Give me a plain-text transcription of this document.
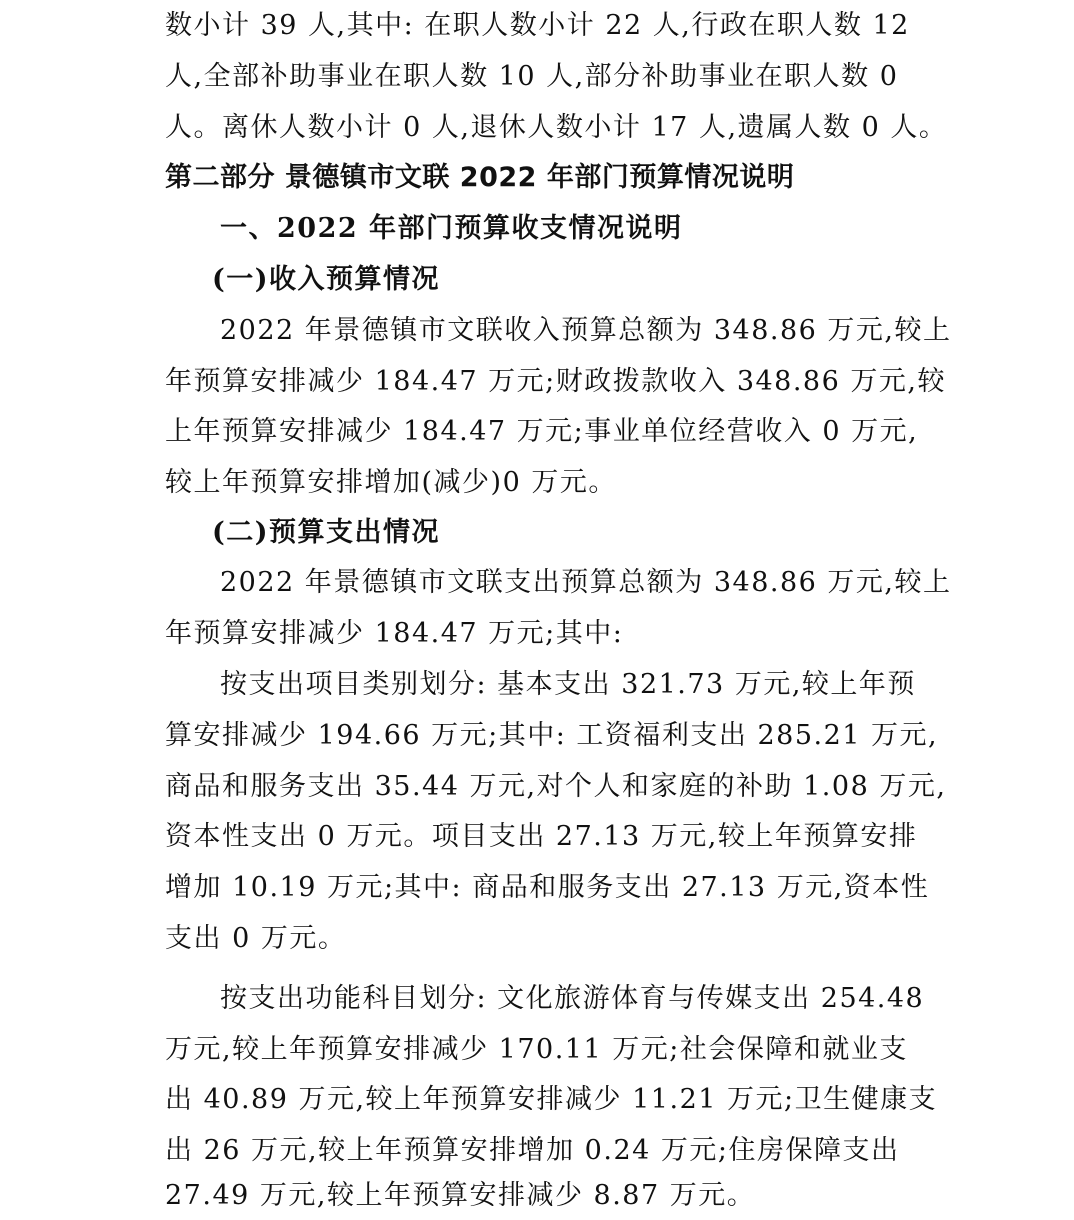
数小计 39 人,其中: 在职人数小计 22 人,行政在职人数 12
人,全部补助事业在职人数 10 人,部分补助事业在职人数 0
人。离休人数小计 0 人,退休人数小计 17 人,遗属人数 0 人。
第二部分 景德镇市文联 2022 年部门预算情况说明
一、2022 年部门预算收支情况说明
(一)收入预算情况
2022 年景德镇市文联收入预算总额为 348.86 万元,较上
年预算安排减少 184.47 万元;财政拨款收入 348.86 万元,较
上年预算安排减少 184.47 万元;事业单位经营收入 0 万元,
较上年预算安排增加(减少)0 万元。
(二)预算支出情况
2022 年景德镇市文联支出预算总额为 348.86 万元,较上
年预算安排减少 184.47 万元;其中:
按支出项目类别划分: 基本支出 321.73 万元,较上年预
算安排减少 194.66 万元;其中: 工资福利支出 285.21 万元,
商品和服务支出 35.44 万元,对个人和家庭的补助 1.08 万元,
资本性支出 0 万元。项目支出 27.13 万元,较上年预算安排
增加 10.19 万元;其中: 商品和服务支出 27.13 万元,资本性
支出 0 万元。
按支出功能科目划分: 文化旅游体育与传媒支出 254.48
万元,较上年预算安排减少 170.11 万元;社会保障和就业支
出 40.89 万元,较上年预算安排减少 11.21 万元;卫生健康支
出 26 万元,较上年预算安排增加 0.24 万元;住房保障支出
27.49 万元,较上年预算安排减少 8.87 万元。
